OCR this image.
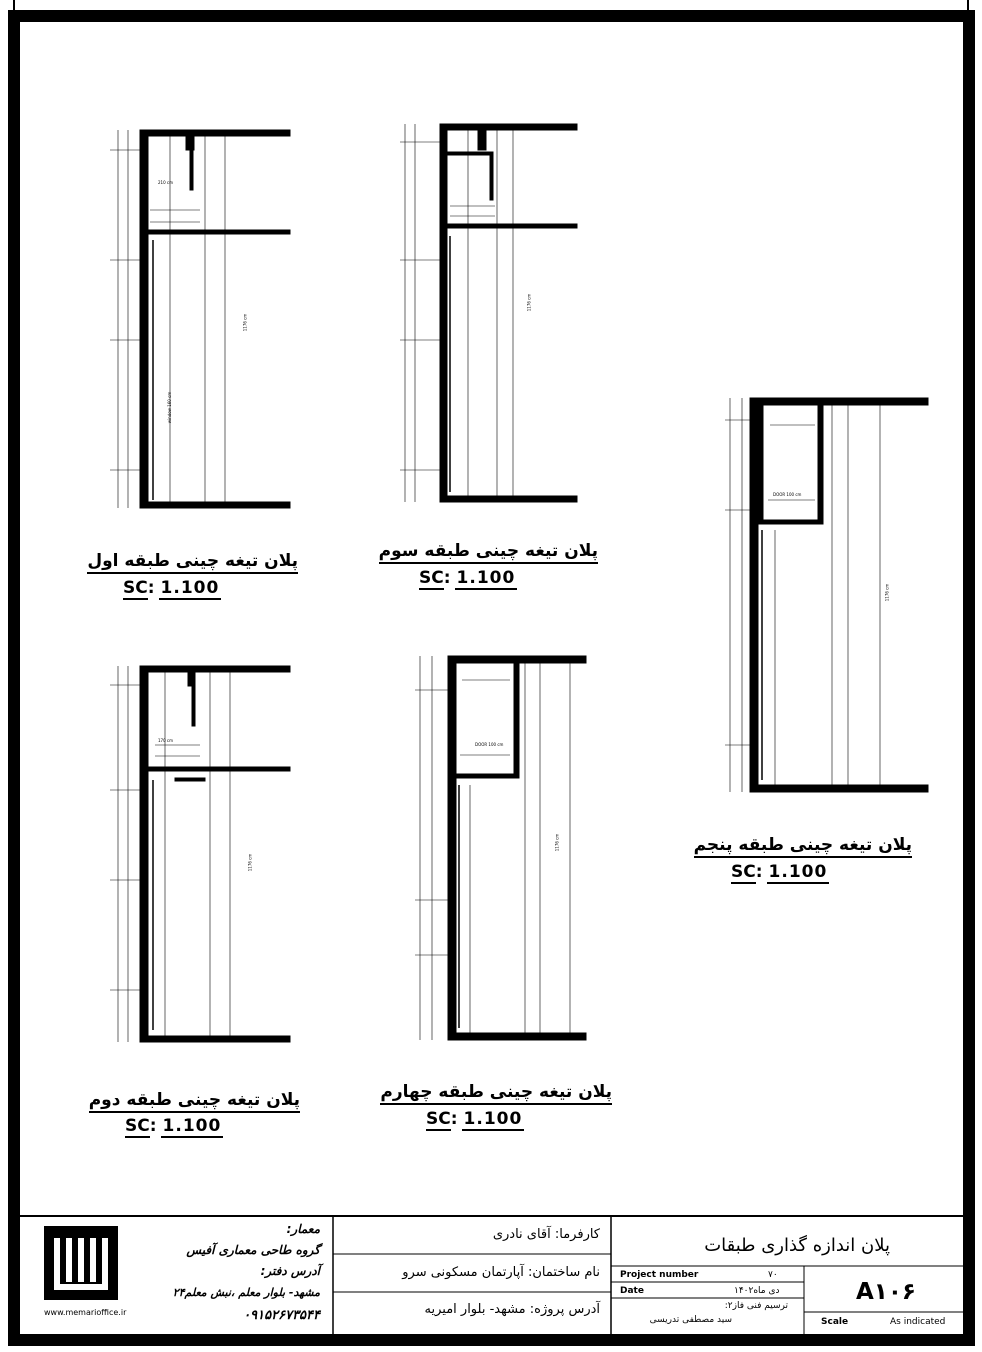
210 cm
1176 cm
window 160 cm
1176 cm
DOOR 100 cm
1176 cm
1176 cm
170 cm
DOOR 100 cm
1176 cm
پلان تیغه چینی طبقه اول
SC: 1.100
پلان تیغه چینی طبقه سوم
SC: 1.100
پلان تیغه چینی طبقه پنجم
SC: 1.100
پلان تیغه چینی طبقه دوم
SC: 1.100
پلان تیغه چینی طبقه چهارم
SC: 1.100
معمار:
گروه طاحی معماری آفیس
آدرس دفتر:
مشهد- بلوار معلم ،نبش معلم۲۴
۰۹۱۵۲۶۷۳۵۴۴
www.memarioffice.ir
کارفرما: آقای نادری
نام ساختمان: آپارتمان مسکونی سرو
آدرس پروژه: مشهد- بلوار امیریه
پلان اندازه گذاری طبقات
Project number	۷۰
Date	دی ماه۱۴۰۲
ترسیم فنی فاز۲:
سید مصطفی تدریسی
A۱۰۶
Scale	As indicated
